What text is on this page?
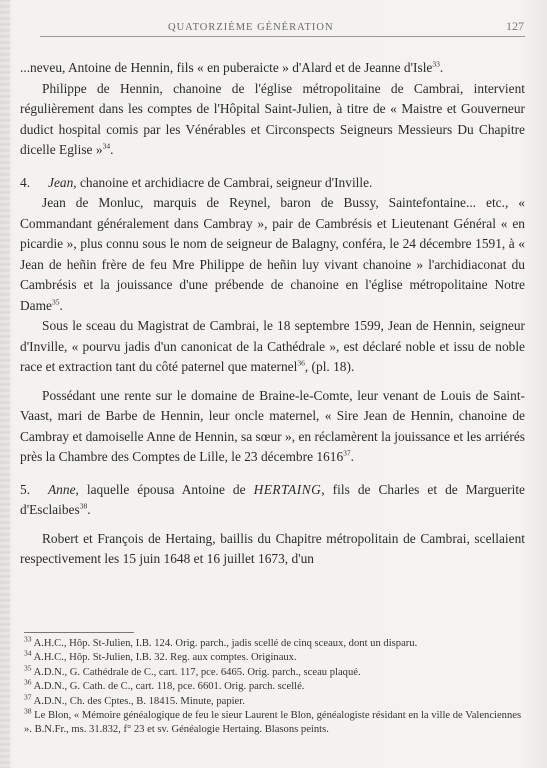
QUATORZIÈME GÉNÉRATION	127

...neveu, Antoine de Hennin, fils « en puberaicte » d'Alard et de Jeanne d'Isle$^{33}$.

Philippe de Hennin, chanoine de l'église métropolitaine de Cambrai, intervient régulièrement dans les comptes de l'Hôpital Saint-Julien, à titre de « Maistre et Gouverneur dudict hospital comis par les Vénérables et Circonspects Seigneurs Messieurs Du Chapitre dicelle Eglise »$^{34}$.

4. Jean, chanoine et archidiacre de Cambrai, seigneur d'Inville.

Jean de Monluc, marquis de Reynel, baron de Bussy, Saintefontaine... etc., « Commandant généralement dans Cambray », pair de Cambrésis et Lieutenant Général « en picardie », plus connu sous le nom de seigneur de Balagny, conféra, le 24 décembre 1591, à « Jean de heñin frère de feu Mre Philippe de heñin luy vivant chanoine » l'archidiaconat du Cambrésis et la jouissance d'une prébende de chanoine en l'église métropolitaine Notre Dame$^{35}$.

Sous le sceau du Magistrat de Cambrai, le 18 septembre 1599, Jean de Hennin, seigneur d'Inville, « pourvu jadis d'un canonicat de la Cathédrale », est déclaré noble et issu de noble race et extraction tant du côté paternel que maternel$^{36}$, (pl. 18).

Possédant une rente sur le domaine de Braine-le-Comte, leur venant de Louis de Saint-Vaast, mari de Barbe de Hennin, leur oncle maternel, « Sire Jean de Hennin, chanoine de Cambray et damoiselle Anne de Hennin, sa sœur », en réclamèrent la jouissance et les arriérés près la Chambre des Comptes de Lille, le 23 décembre 1616$^{37}$.

5. Anne, laquelle épousa Antoine de HERTAING, fils de Charles et de Marguerite d'Esclaibes$^{38}$.

Robert et François de Hertaing, baillis du Chapitre métropolitain de Cambrai, scellaient respectivement les 15 juin 1648 et 16 juillet 1673, d'un

$^{33}$ A.H.C., Hôp. St-Julien, I.B. 124. Orig. parch., jadis scellé de cinq sceaux, dont un disparu.
$^{34}$ A.H.C., Hôp. St-Julien, I.B. 32. Reg. aux comptes. Originaux.
$^{35}$ A.D.N., G. Cathédrale de C., cart. 117, pce. 6465. Orig. parch., sceau plaqué.
$^{36}$ A.D.N., G. Cath. de C., cart. 118, pce. 6601. Orig. parch. scellé.
$^{37}$ A.D.N., Ch. des Cptes., B. 18415. Minute, papier.
$^{38}$ Le Blon, « Mémoire généalogique de feu le sieur Laurent le Blon, généalogiste résidant en la ville de Valenciennes ». B.N.Fr., ms. 31.832, f° 23 et sv. Généalogie Hertaing. Blasons peints.
